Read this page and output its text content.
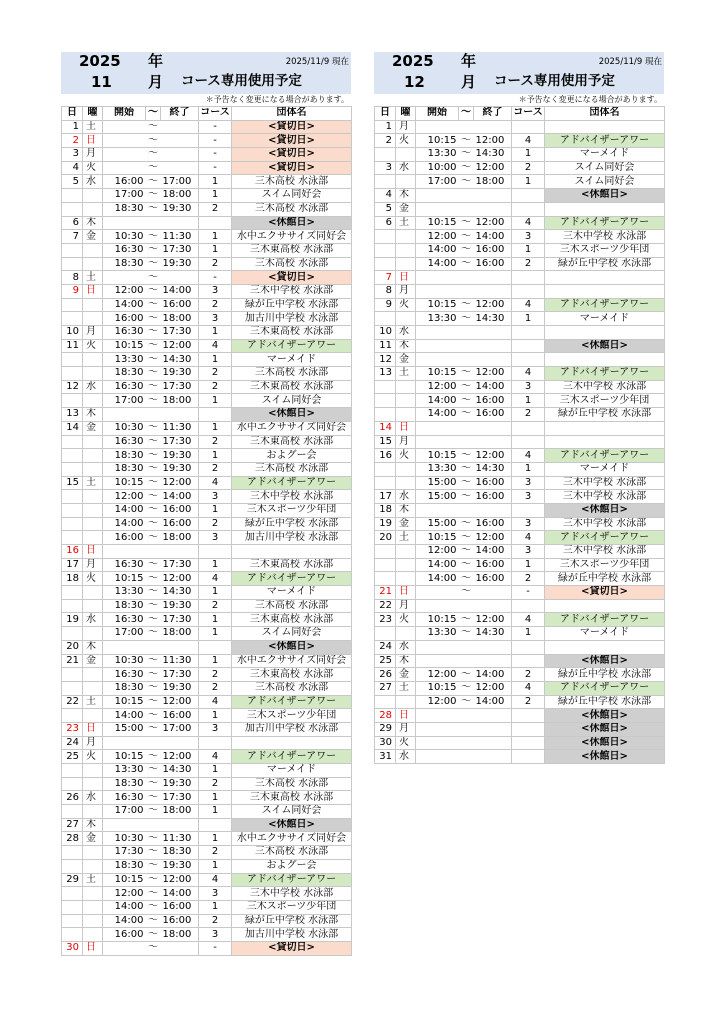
2025 年
11 月
2025/11/9 現在
コース専用使用予定
＊予告なく変更になる場合があります。
日	曜	開始	～	終了	コース	団体名
1	土		～		-	<貸切日>
2	日		～		-	<貸切日>
3	月		～		-	<貸切日>
4	火		～		-	<貸切日>
5	水	16:00	～	17:00	1	三木高校 水泳部
		17:00	～	18:00	1	スイム同好会
		18:30	～	19:30	2	三木高校 水泳部
6	木					<休館日>
7	金	10:30	～	11:30	1	水中エクササイズ同好会
		16:30	～	17:30	1	三木東高校 水泳部
		18:30	～	19:30	2	三木高校 水泳部
8	土		～		-	<貸切日>
9	日	12:00	～	14:00	3	三木中学校 水泳部
		14:00	～	16:00	2	緑が丘中学校 水泳部
		16:00	～	18:00	3	加古川中学校 水泳部
10	月	16:30	～	17:30	1	三木東高校 水泳部
11	火	10:15	～	12:00	4	アドバイザーアワー
		13:30	～	14:30	1	マーメイド
		18:30	～	19:30	2	三木高校 水泳部
12	水	16:30	～	17:30	2	三木東高校 水泳部
		17:00	～	18:00	1	スイム同好会
13	木					<休館日>
14	金	10:30	～	11:30	1	水中エクササイズ同好会
		16:30	～	17:30	2	三木東高校 水泳部
		18:30	～	19:30	1	およグー会
		18:30	～	19:30	2	三木高校 水泳部
15	土	10:15	～	12:00	4	アドバイザーアワー
		12:00	～	14:00	3	三木中学校 水泳部
		14:00	～	16:00	1	三木スポーツ少年団
		14:00	～	16:00	2	緑が丘中学校 水泳部
		16:00	～	18:00	3	加古川中学校 水泳部
16	日					
17	月	16:30	～	17:30	1	三木東高校 水泳部
18	火	10:15	～	12:00	4	アドバイザーアワー
		13:30	～	14:30	1	マーメイド
		18:30	～	19:30	2	三木高校 水泳部
19	水	16:30	～	17:30	1	三木東高校 水泳部
		17:00	～	18:00	1	スイム同好会
20	木					<休館日>
21	金	10:30	～	11:30	1	水中エクササイズ同好会
		16:30	～	17:30	2	三木東高校 水泳部
		18:30	～	19:30	2	三木高校 水泳部
22	土	10:15	～	12:00	4	アドバイザーアワー
		14:00	～	16:00	1	三木スポーツ少年団
23	日	15:00	～	17:00	3	加古川中学校 水泳部
24	月					
25	火	10:15	～	12:00	4	アドバイザーアワー
		13:30	～	14:30	1	マーメイド
		18:30	～	19:30	2	三木高校 水泳部
26	水	16:30	～	17:30	1	三木東高校 水泳部
		17:00	～	18:00	1	スイム同好会
27	木					<休館日>
28	金	10:30	～	11:30	1	水中エクササイズ同好会
		17:30	～	18:30	2	三木高校 水泳部
		18:30	～	19:30	1	およグー会
29	土	10:15	～	12:00	4	アドバイザーアワー
		12:00	～	14:00	3	三木中学校 水泳部
		14:00	～	16:00	1	三木スポーツ少年団
		14:00	～	16:00	2	緑が丘中学校 水泳部
		16:00	～	18:00	3	加古川中学校 水泳部
30	日		～		-	<貸切日>
2025 年
12 月
2025/11/9 現在
コース専用使用予定
＊予告なく変更になる場合があります。
日	曜	開始	～	終了	コース	団体名
1	月					
2	火	10:15	～	12:00	4	アドバイザーアワー
		13:30	～	14:30	1	マーメイド
3	水	10:00	～	12:00	2	スイム同好会
		17:00	～	18:00	1	スイム同好会
4	木					<休館日>
5	金					
6	土	10:15	～	12:00	4	アドバイザーアワー
		12:00	～	14:00	3	三木中学校 水泳部
		14:00	～	16:00	1	三木スポーツ少年団
		14:00	～	16:00	2	緑が丘中学校 水泳部
7	日					
8	月					
9	火	10:15	～	12:00	4	アドバイザーアワー
		13:30	～	14:30	1	マーメイド
10	水					
11	木					<休館日>
12	金					
13	土	10:15	～	12:00	4	アドバイザーアワー
		12:00	～	14:00	3	三木中学校 水泳部
		14:00	～	16:00	1	三木スポーツ少年団
		14:00	～	16:00	2	緑が丘中学校 水泳部
14	日					
15	月					
16	火	10:15	～	12:00	4	アドバイザーアワー
		13:30	～	14:30	1	マーメイド
		15:00	～	16:00	3	三木中学校 水泳部
17	水	15:00	～	16:00	3	三木中学校 水泳部
18	木					<休館日>
19	金	15:00	～	16:00	3	三木中学校 水泳部
20	土	10:15	～	12:00	4	アドバイザーアワー
		12:00	～	14:00	3	三木中学校 水泳部
		14:00	～	16:00	1	三木スポーツ少年団
		14:00	～	16:00	2	緑が丘中学校 水泳部
21	日		～		-	<貸切日>
22	月					
23	火	10:15	～	12:00	4	アドバイザーアワー
		13:30	～	14:30	1	マーメイド
24	水					
25	木					<休館日>
26	金	12:00	～	14:00	2	緑が丘中学校 水泳部
27	土	10:15	～	12:00	4	アドバイザーアワー
		12:00	～	14:00	2	緑が丘中学校 水泳部
28	日					<休館日>
29	月					<休館日>
30	火					<休館日>
31	水					<休館日>
